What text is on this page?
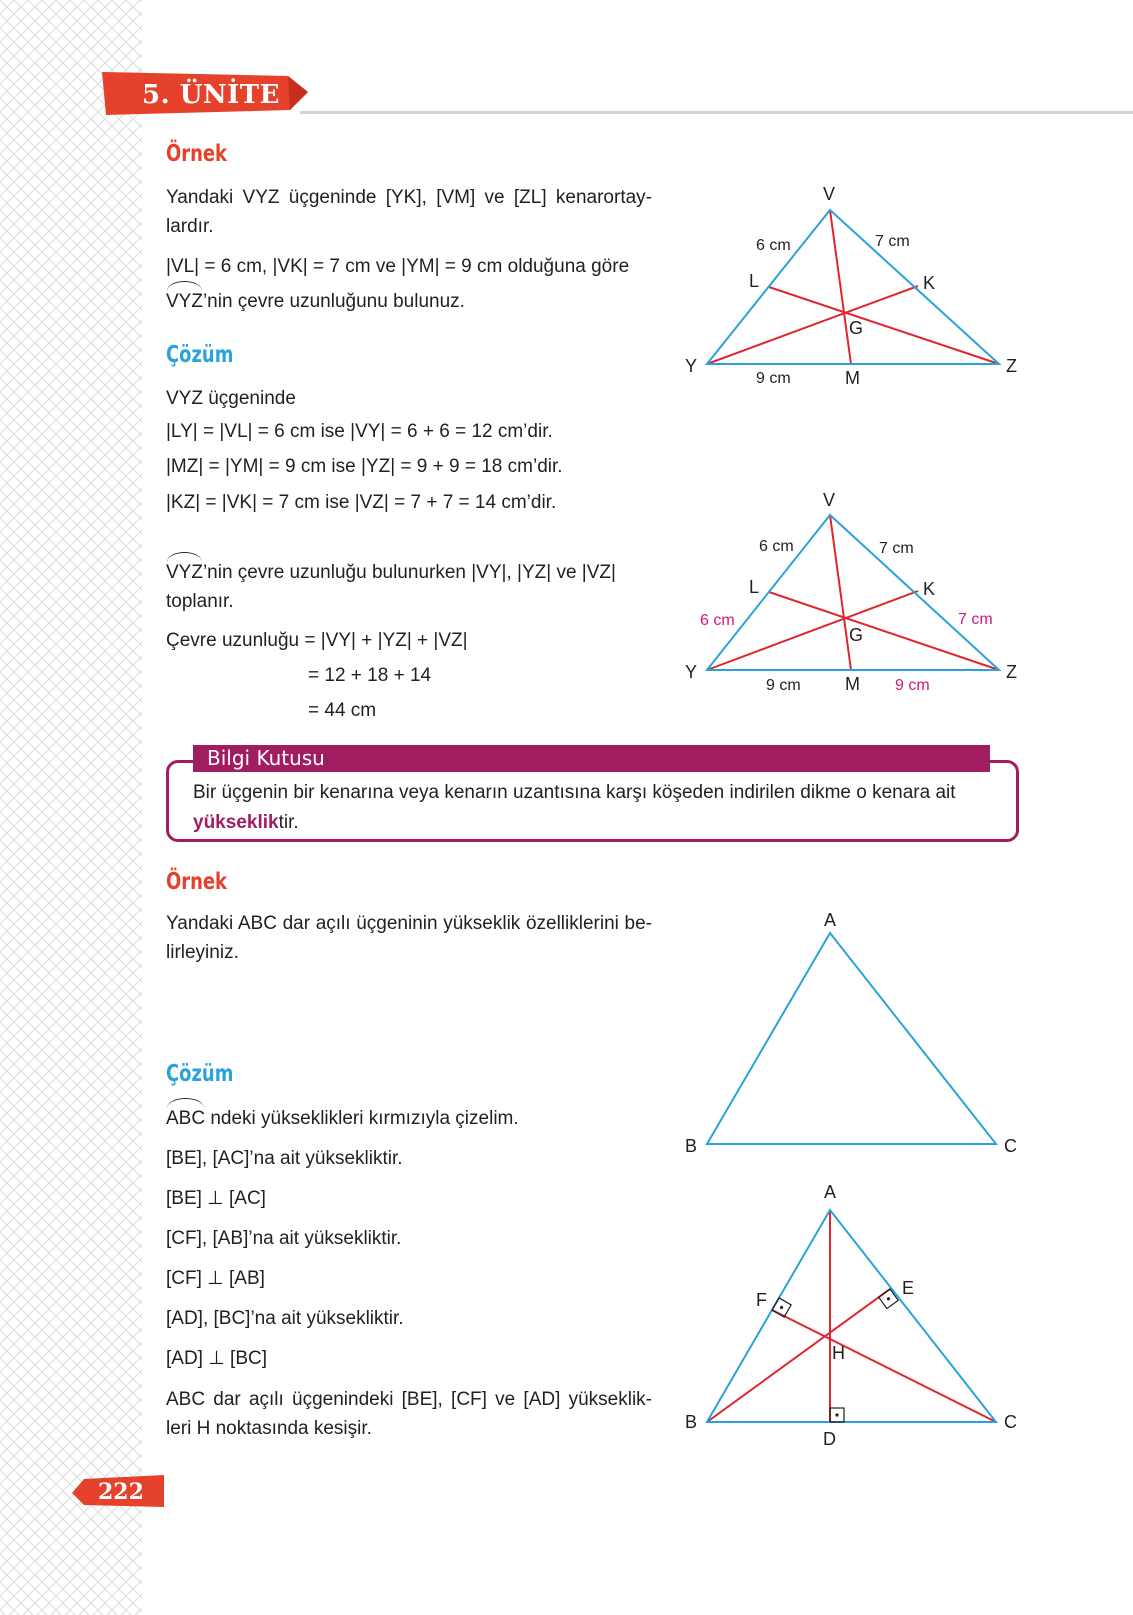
5. ÜNİTE
Örnek
Yandaki VYZ üçgeninde [YK], [VM] ve [ZL] kenarortay-
lardır.
|VL| = 6 cm, |VK| = 7 cm ve |YM| = 9 cm olduğuna göre
VYZ’nin çevre uzunluğunu bulunuz.
Çözüm
VYZ üçgeninde
|LY| = |VL| = 6 cm ise |VY| = 6 + 6 = 12 cm’dir.
|MZ| = |YM| = 9 cm ise |YZ| = 9 + 9 = 18 cm’dir.
|KZ| = |VK| = 7 cm ise |VZ| = 7 + 7 = 14 cm’dir.
VYZ’nin çevre uzunluğu bulunurken |VY|, |YZ| ve |VZ|
toplanır.
Çevre uzunluğu = |VY| + |YZ| + |VZ|
= 12 + 18 + 14
= 44 cm
V
Y	Z
L	K
G
M
6 cm	7 cm
9 cm
V
Y	Z
L	K
G
M
6 cm	7 cm
9 cm
6 cm	7 cm
9 cm
Bilgi Kutusu
Bir üçgenin bir kenarına veya kenarın uzantısına karşı köşeden indirilen dikme o kenara ait yüksekliktir.
Örnek
Yandaki ABC dar açılı üçgeninin yükseklik özelliklerini be-
lirleyiniz.
A
B	C
Çözüm
ABC ndeki yükseklikleri kırmızıyla çizelim.
[BE], [AC]’na ait yüksekliktir.
[BE] ⊥ [AC]
[CF], [AB]’na ait yüksekliktir.
[CF] ⊥ [AB]
[AD], [BC]’na ait yüksekliktir.
[AD] ⊥ [BC]
ABC dar açılı üçgenindeki [BE], [CF] ve [AD] yükseklik-
leri H noktasında kesişir.
A
B	C
D
E
F
H
222
